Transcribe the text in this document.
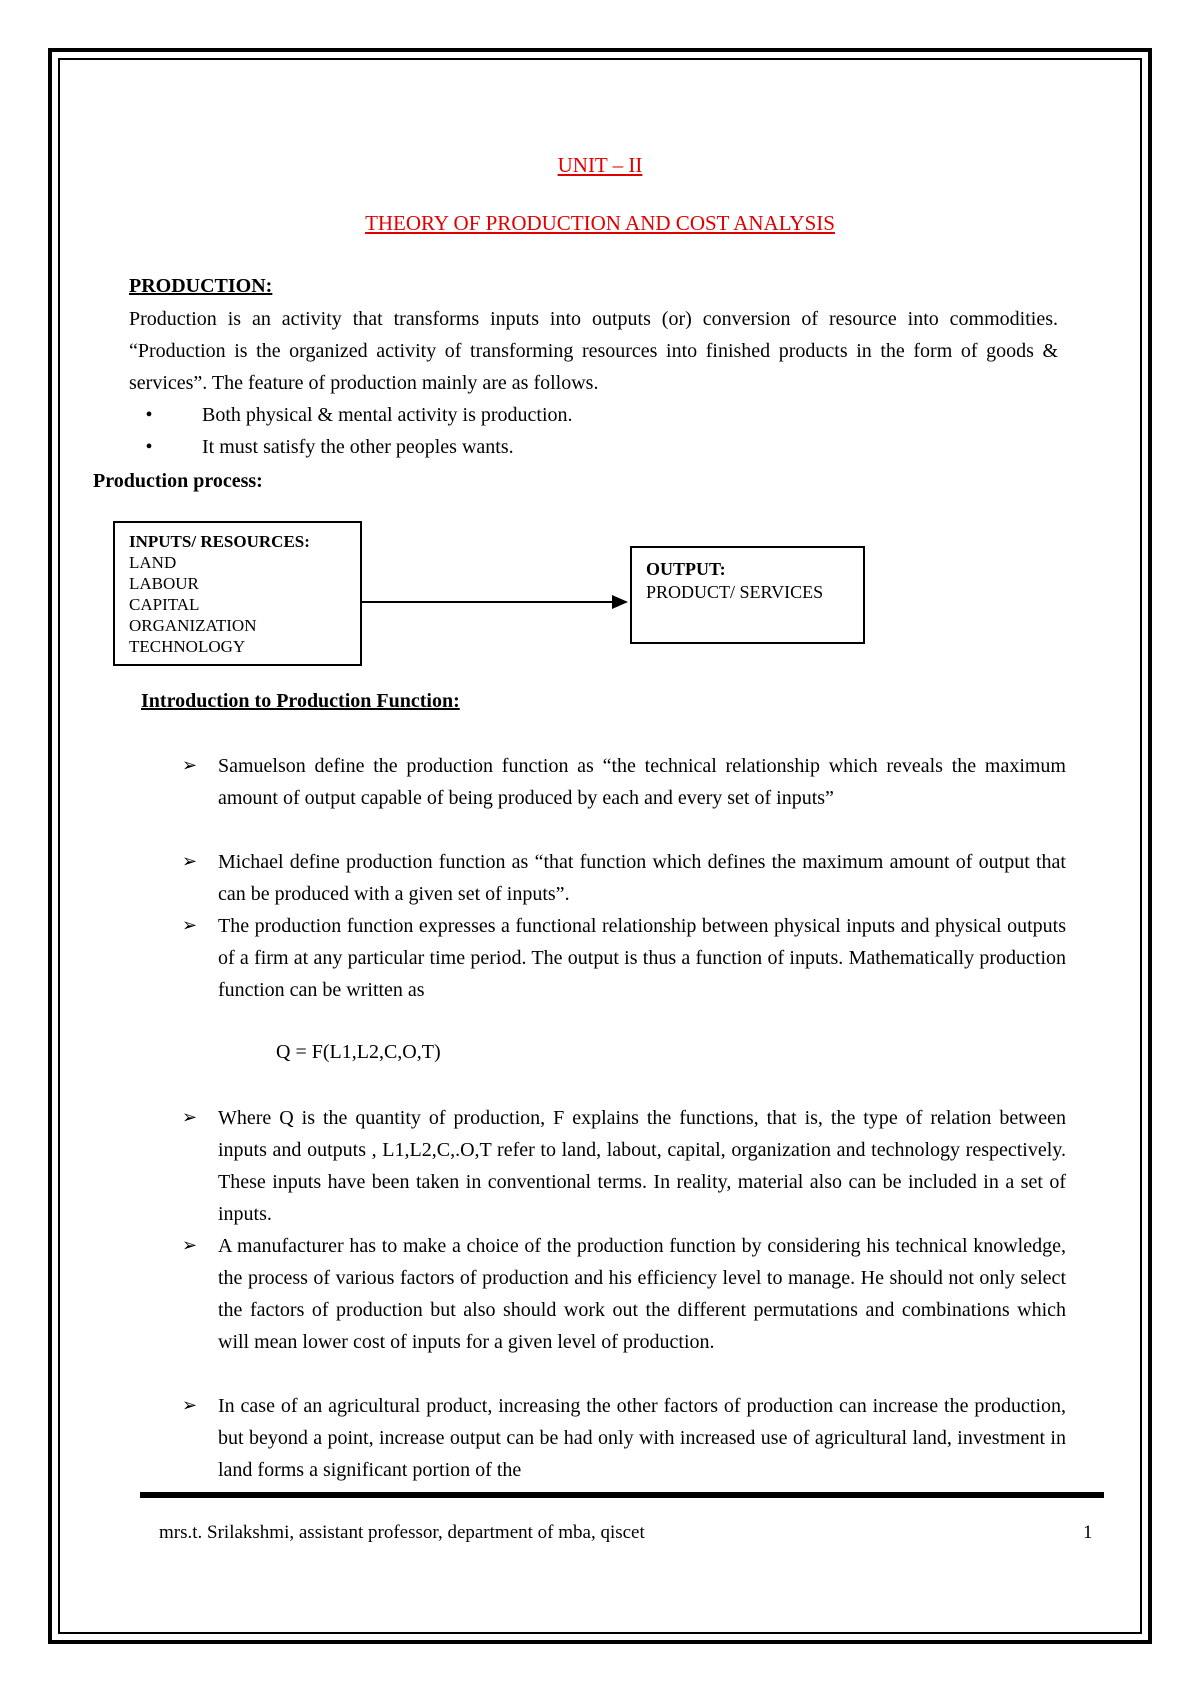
UNIT – II
THEORY OF PRODUCTION AND COST ANALYSIS
PRODUCTION:
Production is an activity that transforms inputs into outputs (or) conversion of resource into commodities. “Production is the organized activity of transforming resources into finished products in the form of goods & services”. The feature of production mainly are as follows.
•	Both physical & mental activity is production.
•	It must satisfy the other peoples wants.
Production process:
INPUTS/ RESOURCES:
LAND
LABOUR
CAPITAL
ORGANIZATION
TECHNOLOGY
OUTPUT:
PRODUCT/ SERVICES
Introduction to Production Function:
➢	Samuelson define the production function as “the technical relationship which reveals the maximum amount of output capable of being produced by each and every set of inputs”
➢	Michael define production function as “that function which defines the maximum amount of output that can be produced with a given set of inputs”.
➢	The production function expresses a functional relationship between physical inputs and physical outputs of a firm at any particular time period. The output is thus a function of inputs. Mathematically production function can be written as
Q = F(L1,L2,C,O,T)
➢	Where Q is the quantity of production, F explains the functions, that is, the type of relation between inputs and outputs , L1,L2,C,.O,T refer to land, labout, capital, organization and technology respectively. These inputs have been taken in conventional terms. In reality, material also can be included in a set of inputs.
➢	A manufacturer has to make a choice of the production function by considering his technical knowledge, the process of various factors of production and his efficiency level to manage. He should not only select the factors of production but also should work out the different permutations and combinations which will mean lower cost of inputs for a given level of production.
➢	In case of an agricultural product, increasing the other factors of production can increase the production, but beyond a point, increase output can be had only with increased use of agricultural land, investment in land forms a significant portion of the
mrs.t. Srilakshmi, assistant professor, department of mba, qiscet	1
